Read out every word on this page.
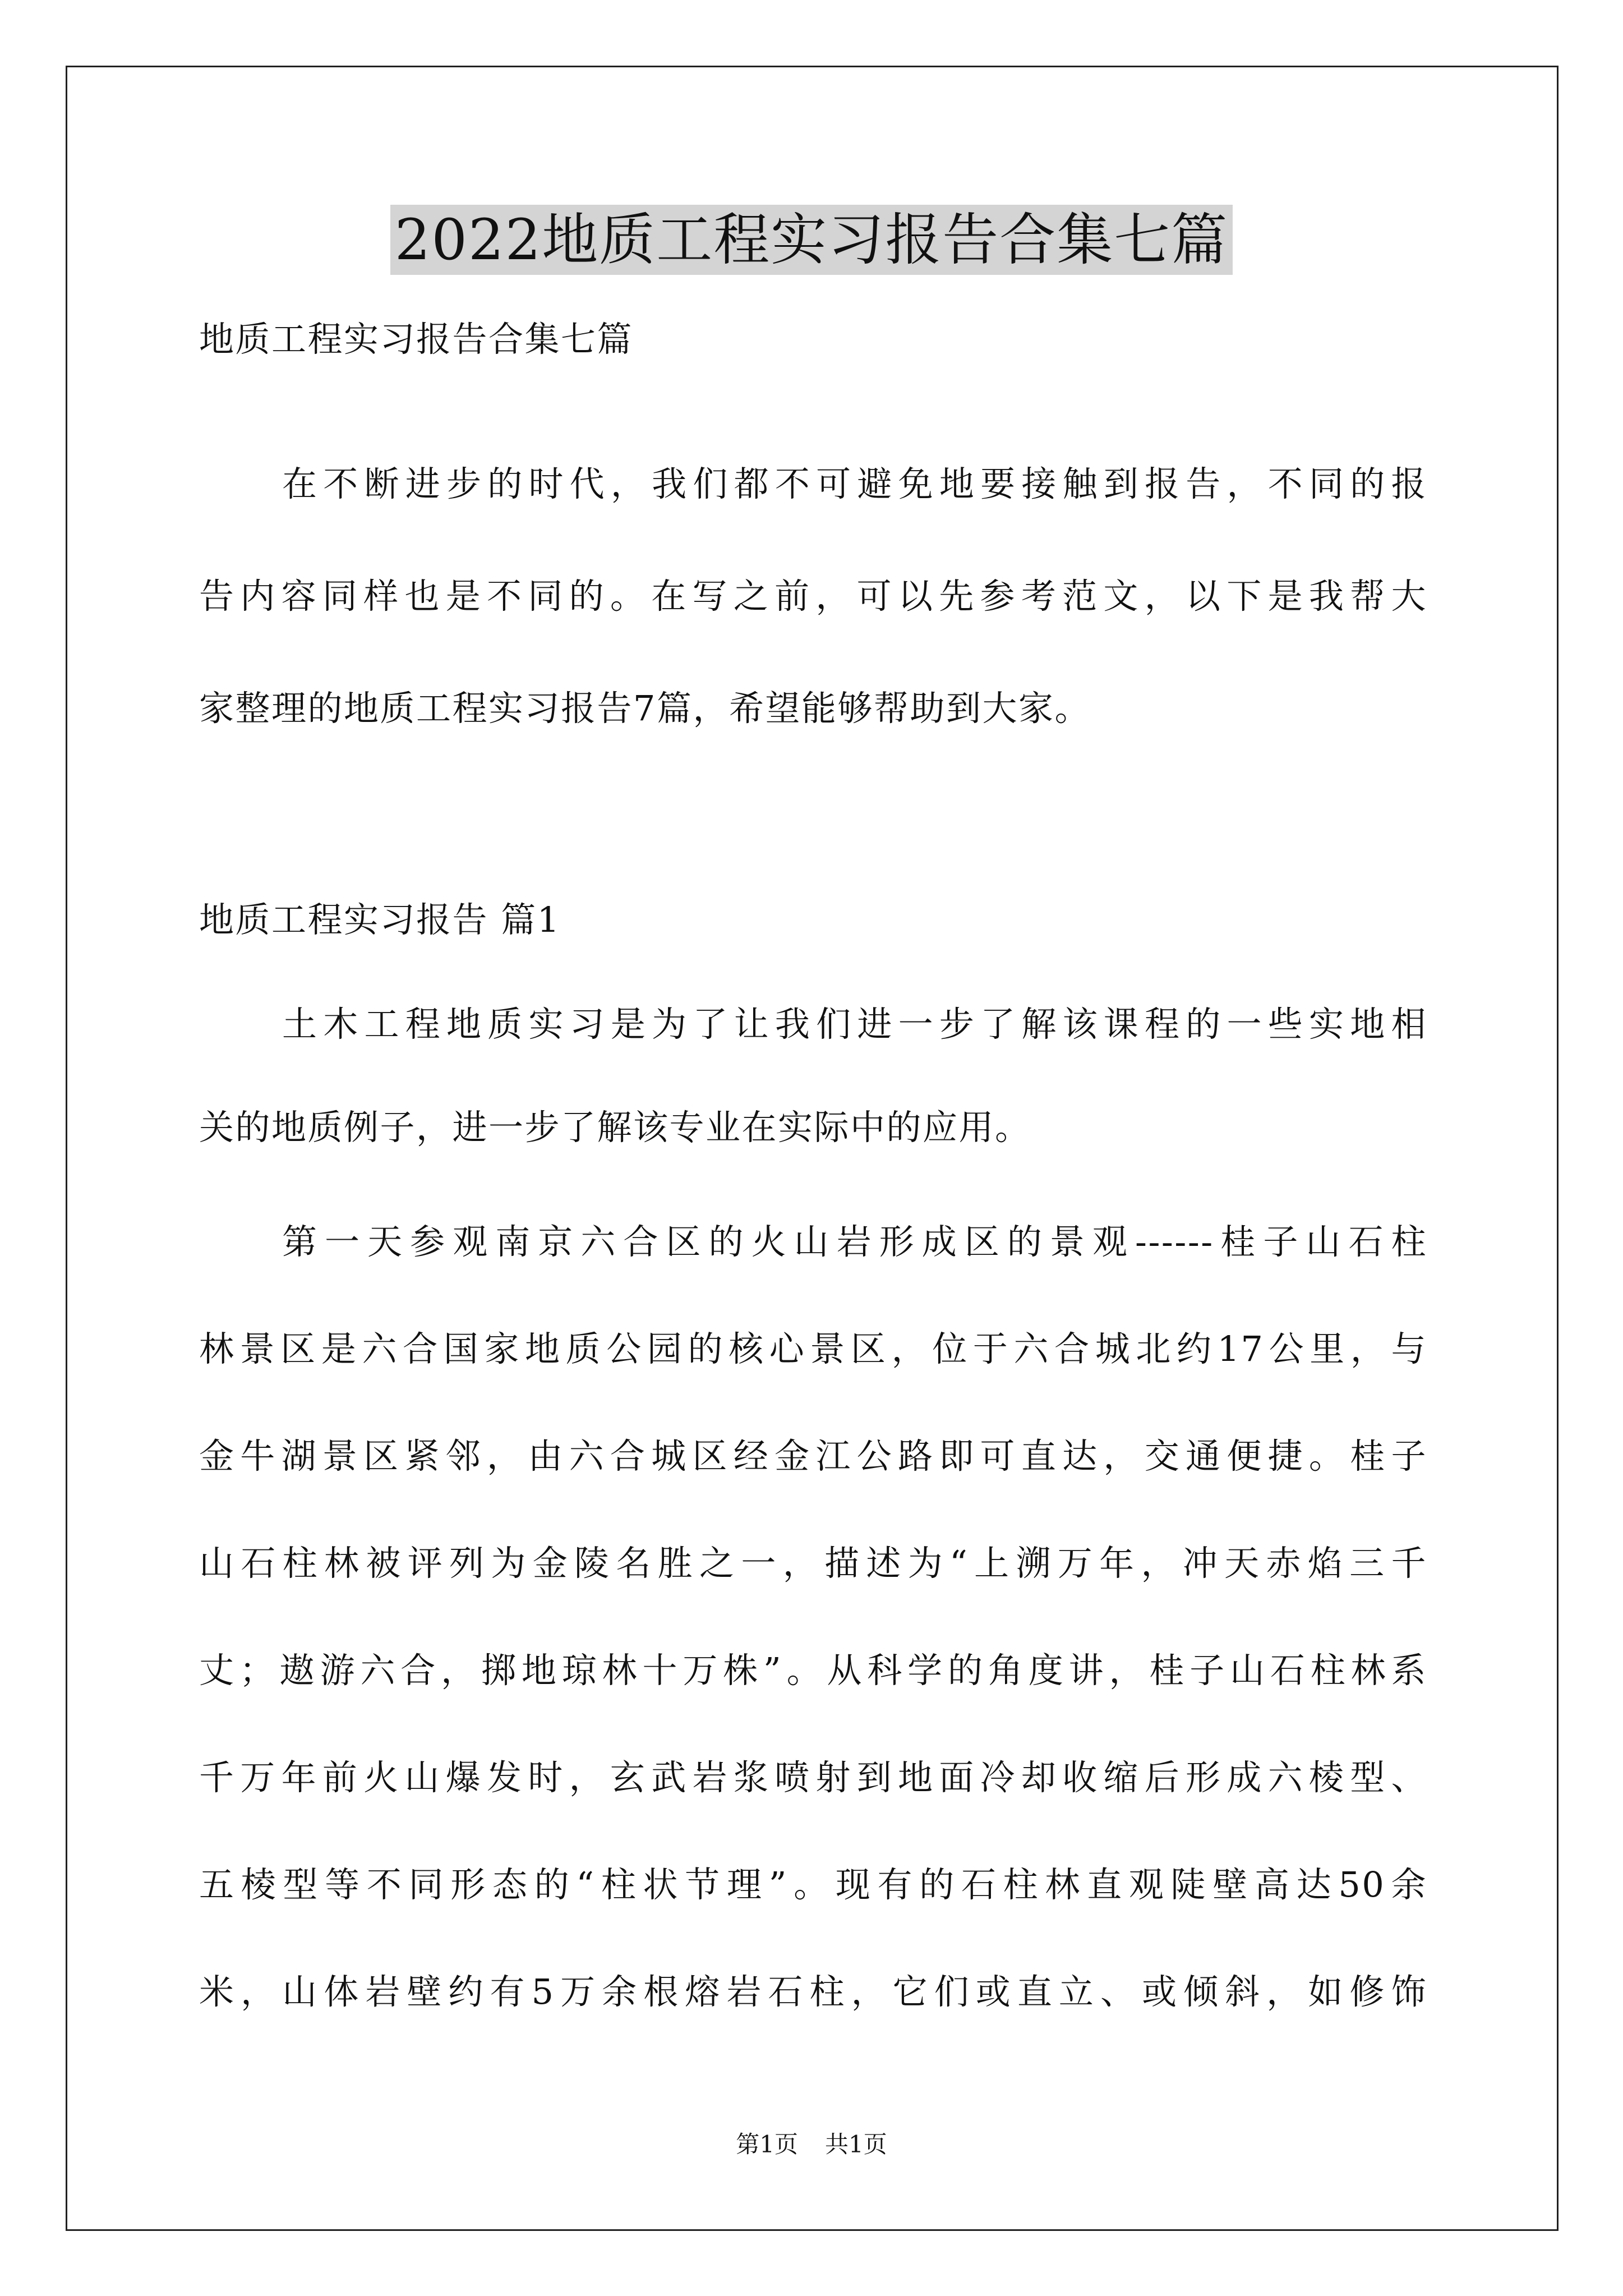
2022地质工程实习报告合集七篇
地质工程实习报告合集七篇
在不断进步的时代，我们都不可避免地要接触到报告，不同的报
告内容同样也是不同的。在写之前，可以先参考范文，以下是我帮大
家整理的地质工程实习报告7篇，希望能够帮助到大家。
地质工程实习报告 篇1
土木工程地质实习是为了让我们进一步了解该课程的一些实地相
关的地质例子，进一步了解该专业在实际中的应用。
第一天参观南京六合区的火山岩形成区的景观------桂子山石柱
林景区是六合国家地质公园的核心景区，位于六合城北约17公里，与
金牛湖景区紧邻，由六合城区经金江公路即可直达，交通便捷。桂子
山石柱林被评列为金陵名胜之一，描述为“上溯万年，冲天赤焰三千
丈；遨游六合，掷地琼林十万株”。从科学的角度讲，桂子山石柱林系
千万年前火山爆发时，玄武岩浆喷射到地面冷却收缩后形成六棱型、
五棱型等不同形态的“柱状节理”。现有的石柱林直观陡壁高达50余
米，山体岩壁约有5万余根熔岩石柱，它们或直立、或倾斜，如修饰
第1页 共1页
